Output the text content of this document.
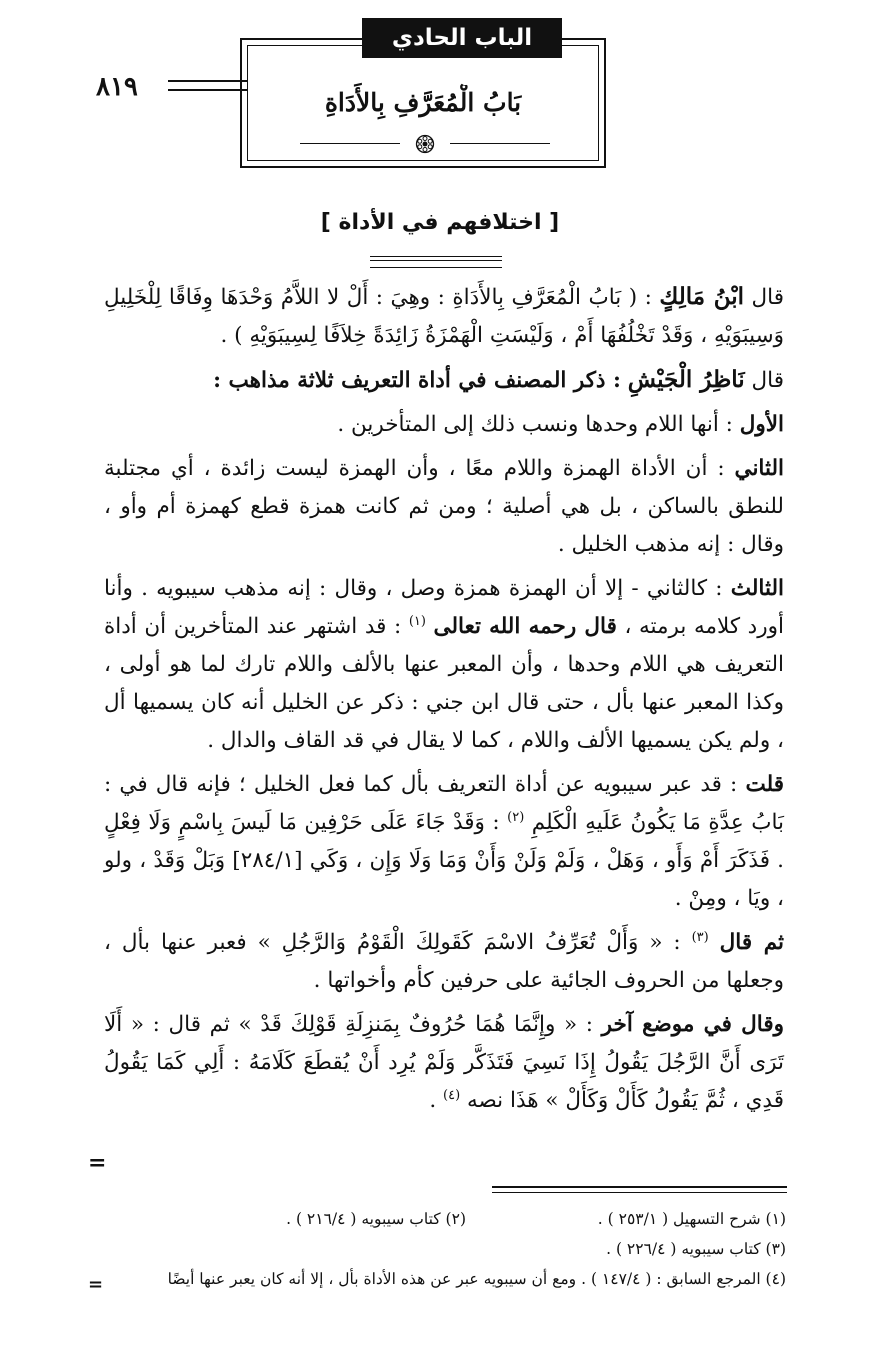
الباب الحادي عشر
٨١٩
بَابُ الْمُعَرَّفِ بِالأَدَاةِ
[ اختلافهم في الأداة ]

قال ابْنُ مَالِكٍ : ( بَابُ الْمُعَرَّفِ بِالأَدَاةِ : وهِيَ : أَلْ لا اللاَّمُ وَحْدَهَا وِفَاقًا لِلْخَلِيلِ وَسِيبَوَيْهِ ، وَقَدْ تَخْلُفُهَا أَمْ ، وَلَيْسَتِ الْهَمْزَةُ زَائِدَةً خِلاَفًا لِسِيبَوَيْهِ ) .

قال نَاظِرُ الْجَيْشِ : ذكر المصنف في أداة التعريف ثلاثة مذاهب :

الأول : أنها اللام وحدها ونسب ذلك إلى المتأخرين .

الثاني : أن الأداة الهمزة واللام معًا ، وأن الهمزة ليست زائدة ، أي مجتلبة للنطق بالساكن ، بل هي أصلية ؛ ومن ثم كانت همزة قطع كهمزة أم وأو ، وقال : إنه مذهب الخليل .

الثالث : كالثاني - إلا أن الهمزة همزة وصل ، وقال : إنه مذهب سيبويه . وأنا أورد كلامه برمته ، قال رحمه الله تعالى $^{(١)}$ : قد اشتهر عند المتأخرين أن أداة التعريف هي اللام وحدها ، وأن المعبر عنها بالألف واللام تارك لما هو أولى ، وكذا المعبر عنها بأل ، حتى قال ابن جني : ذكر عن الخليل أنه كان يسميها أل ، ولم يكن يسميها الألف واللام ، كما لا يقال في قد القاف والدال .

قلت : قد عبر سيبويه عن أداة التعريف بأل كما فعل الخليل ؛ فإنه قال في : بَابُ عِدَّةِ مَا يَكُونُ عَلَيهِ الْكَلِمِ $^{(٢)}$ : وَقَدْ جَاءَ عَلَى حَرْفِين مَا لَيسَ بِاسْمٍ وَلَا فِعْلٍ . فَذَكَرَ أَمْ وَأَو ، وَهَلْ ، وَلَمْ وَلَنْ وَأَنْ وَمَا وَلَا وَإِن ، وَكَي [٢٨٤/١] وَبَلْ وَقَدْ ، ولو ، ويَا ، ومِنْ .

ثم قال $^{(٣)}$ : « وَأَلْ تُعَرِّفُ الاسْمَ كَقَولِكَ الْقَوْمُ وَالرَّجُلِ » فعبر عنها بأل ، وجعلها من الحروف الجائية على حرفين كأم وأخواتها .

وقال في موضع آخر : « وإِنَّمَا هُمَا حُرُوفٌ بِمَنزِلَةِ قَوْلِكَ قَدْ » ثم قال : « أَلَا تَرَى أَنَّ الرَّجُلَ يَقُولُ إِذَا نَسِيَ فَتَذَكَّر وَلَمْ يُرِد أَنْ يُقطَعَ كَلَامَهُ : أَلِي كَمَا يَقُولُ قَدِي ، ثُمَّ يَقُولُ كَأَلْ وَكَأَلْ » هَذَا نصه $^{(٤)}$ .

=
(١) شرح التسهيل ( ٢٥٣/١ ) .
(٢) كتاب سيبويه ( ٢١٦/٤ ) .
(٣) كتاب سيبويه ( ٢٢٦/٤ ) .
(٤) المرجع السابق : ( ١٤٧/٤ ) . ومع أن سيبويه عبر عن هذه الأداة بأل ، إلا أنه كان يعبر عنها أيضًا
=
